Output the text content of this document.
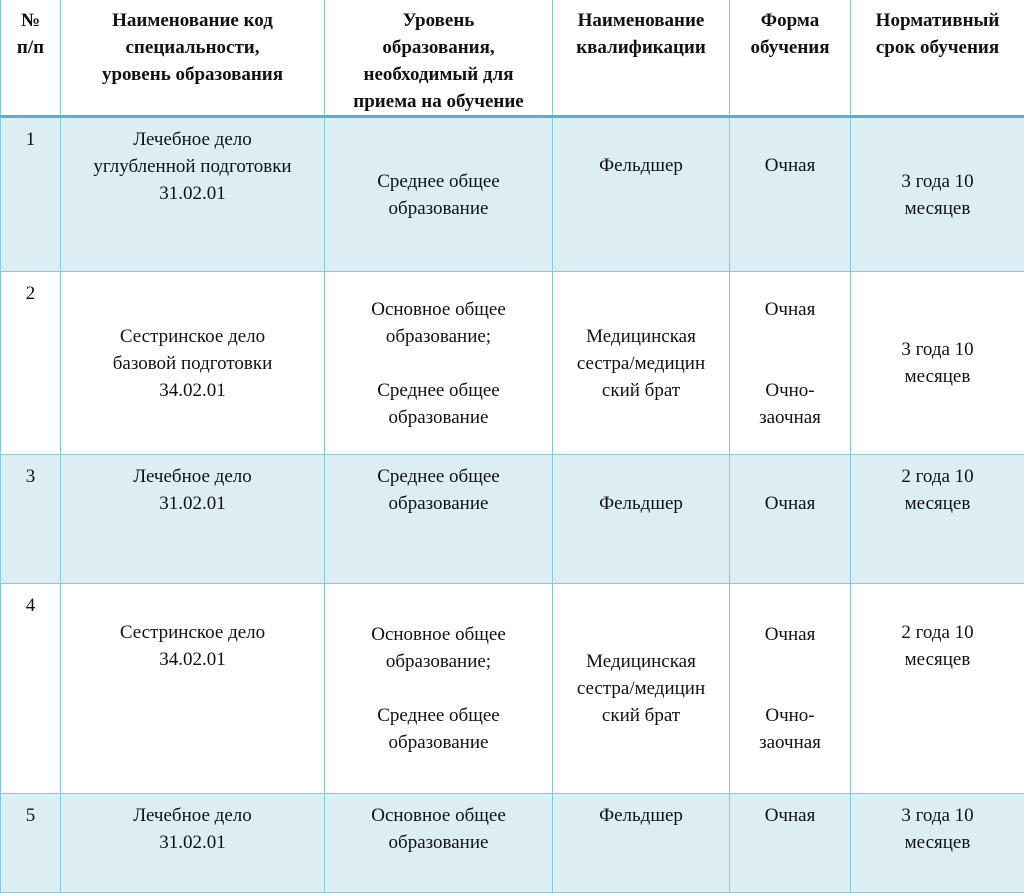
№
п/п	Наименование код
специальности,
уровень образования	Уровень
образования,
необходимый для
приема на обучение	Наименование
квалификации	Форма
обучения	Нормативный
срок обучения

1	Лечебное дело
углубленной подготовки
31.02.01	Среднее общее
образование	Фельдшер	Очная	3 года 10
месяцев

2	Сестринское дело
базовой подготовки
34.02.01	Основное общее
образование;
Среднее общее
образование	Медицинская
сестра/медицин
ский брат	Очная
Очно-
заочная	3 года 10
месяцев

3	Лечебное дело
31.02.01	Среднее общее
образование	Фельдшер	Очная	2 года 10
месяцев

4	Сестринское дело
34.02.01	Основное общее
образование;
Среднее общее
образование	Медицинская
сестра/медицин
ский брат	Очная
Очно-
заочная	2 года 10
месяцев

5	Лечебное дело
31.02.01	Основное общее
образование	Фельдшер	Очная	3 года 10
месяцев
